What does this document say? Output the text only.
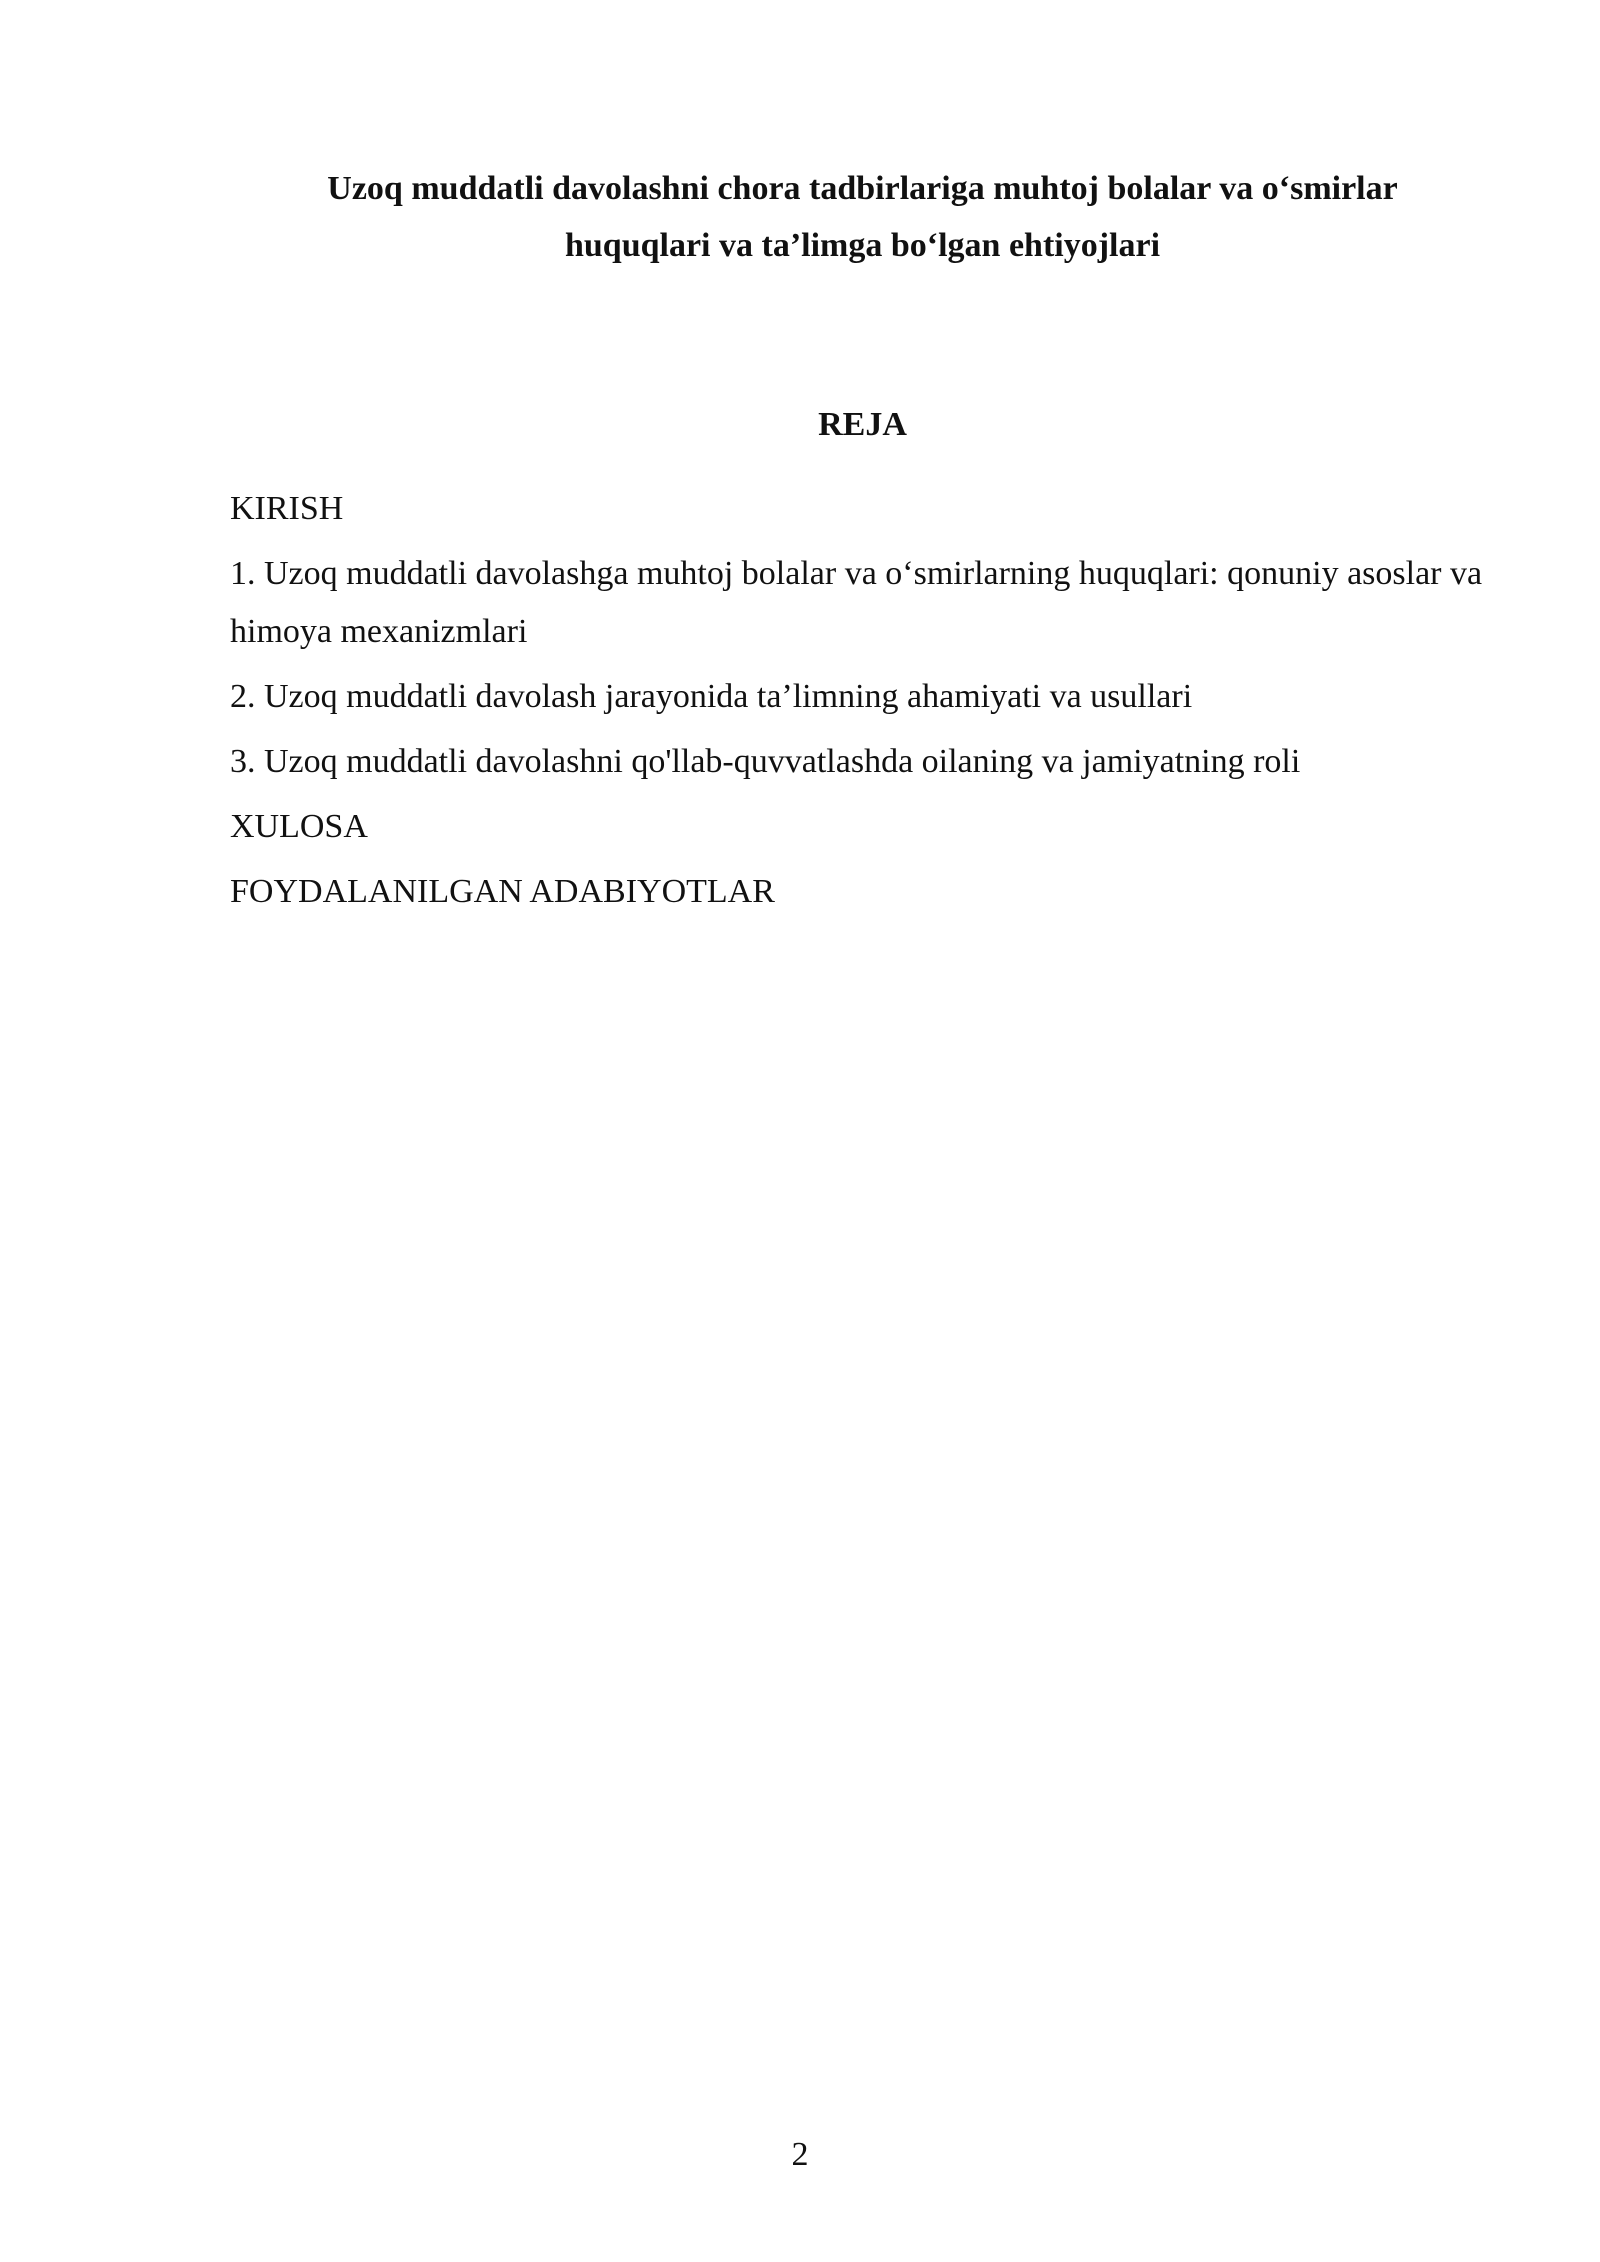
Uzoq muddatli davolashni chora tadbirlariga muhtoj bolalar va o‘smirlar
huquqlari va ta’limga bo‘lgan ehtiyojlari
REJA
KIRISH
1. Uzoq muddatli davolashga muhtoj bolalar va o‘smirlarning huquqlari: qonuniy asoslar va himoya mexanizmlari
2. Uzoq muddatli davolash jarayonida ta’limning ahamiyati va usullari
3. Uzoq muddatli davolashni qo'llab-quvvatlashda oilaning va jamiyatning roli
XULOSA
FOYDALANILGAN ADABIYOTLAR
2
